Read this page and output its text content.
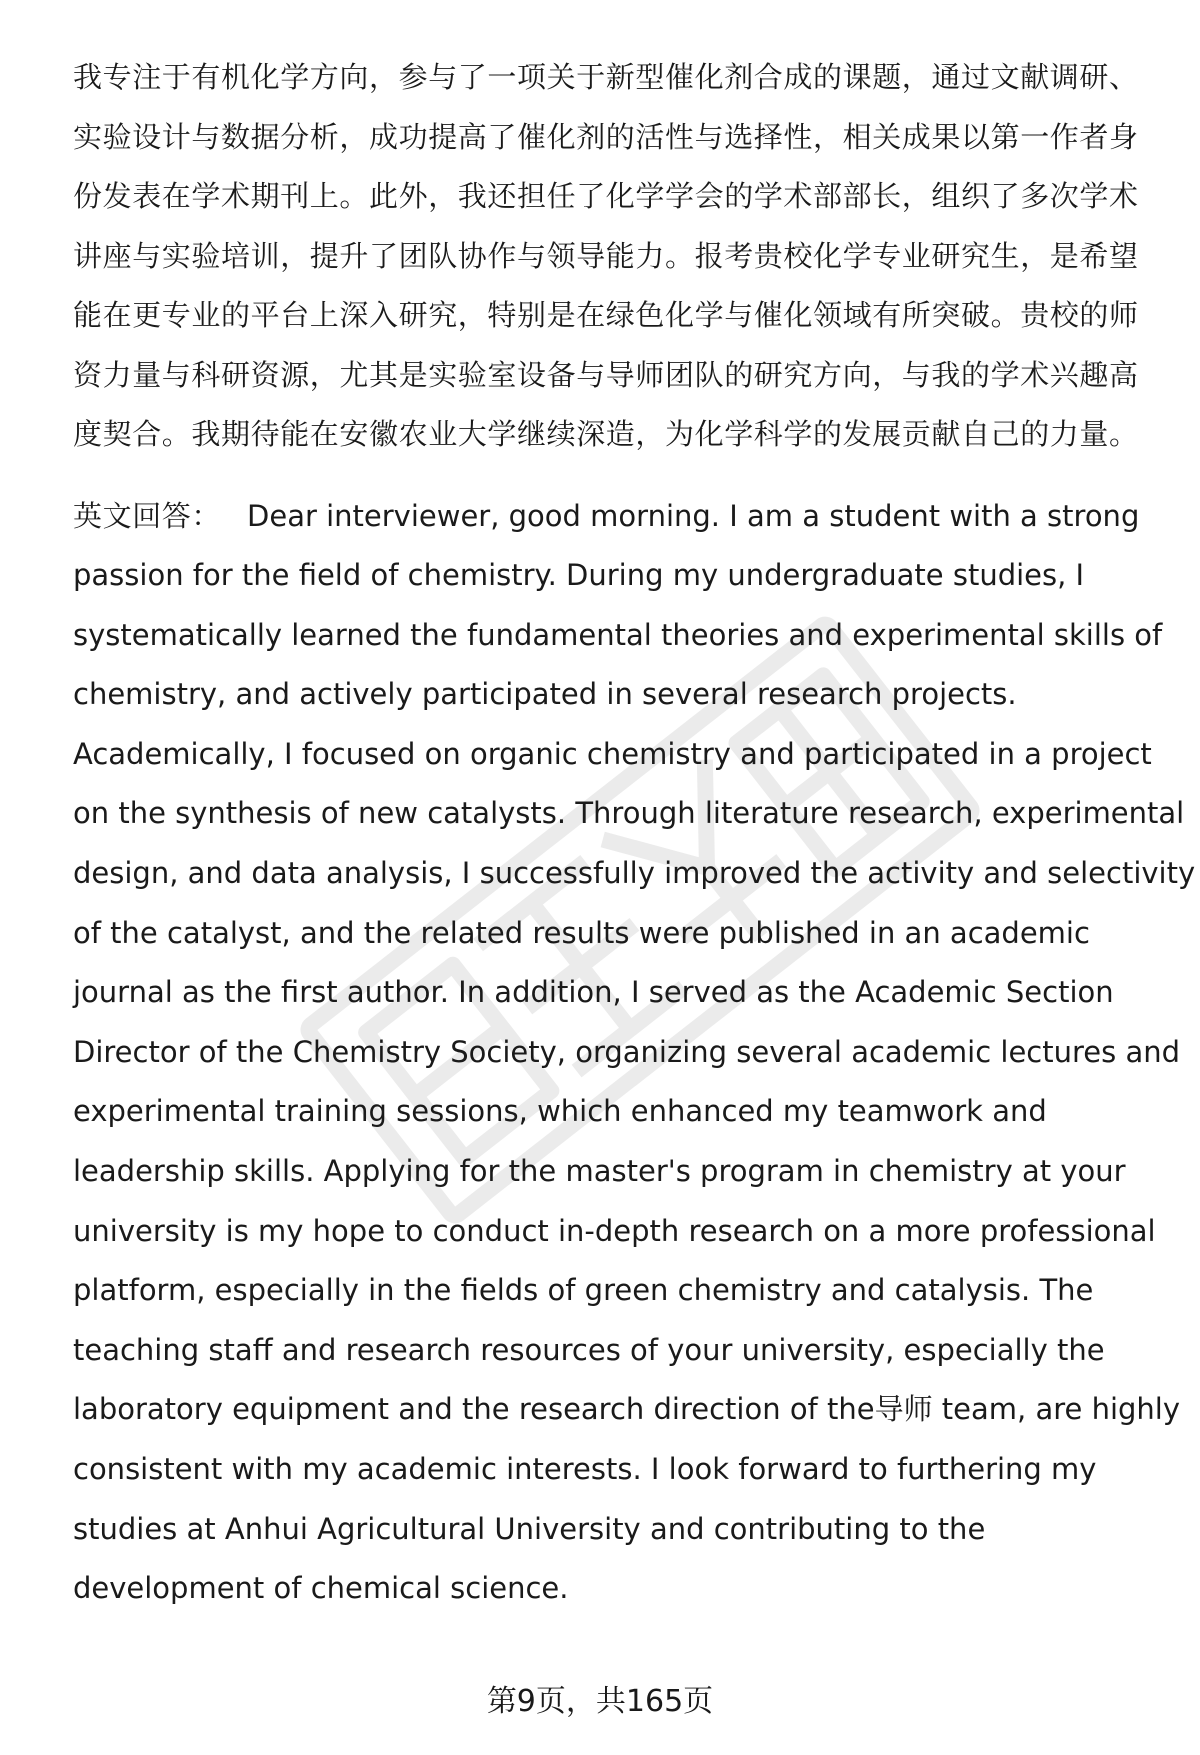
我专注于有机化学方向，参与了一项关于新型催化剂合成的课题，通过文献调研、
实验设计与数据分析，成功提高了催化剂的活性与选择性，相关成果以第一作者身
份发表在学术期刊上。此外，我还担任了化学学会的学术部部长，组织了多次学术
讲座与实验培训，提升了团队协作与领导能力。报考贵校化学专业研究生，是希望
能在更专业的平台上深入研究，特别是在绿色化学与催化领域有所突破。贵校的师
资力量与科研资源，尤其是实验室设备与导师团队的研究方向，与我的学术兴趣高
度契合。我期待能在安徽农业大学继续深造，为化学科学的发展贡献自己的力量。

英文回答： Dear interviewer, good morning. I am a student with a strong
passion for the field of chemistry. During my undergraduate studies, I
systematically learned the fundamental theories and experimental skills of
chemistry, and actively participated in several research projects.
Academically, I focused on organic chemistry and participated in a project
on the synthesis of new catalysts. Through literature research, experimental
design, and data analysis, I successfully improved the activity and selectivity
of the catalyst, and the related results were published in an academic
journal as the first author. In addition, I served as the Academic Section
Director of the Chemistry Society, organizing several academic lectures and
experimental training sessions, which enhanced my teamwork and
leadership skills. Applying for the master's program in chemistry at your
university is my hope to conduct in-depth research on a more professional
platform, especially in the fields of green chemistry and catalysis. The
teaching staff and research resources of your university, especially the
laboratory equipment and the research direction of the导师 team, are highly
consistent with my academic interests. I look forward to furthering my
studies at Anhui Agricultural University and contributing to the
development of chemical science.

第9页，共165页
